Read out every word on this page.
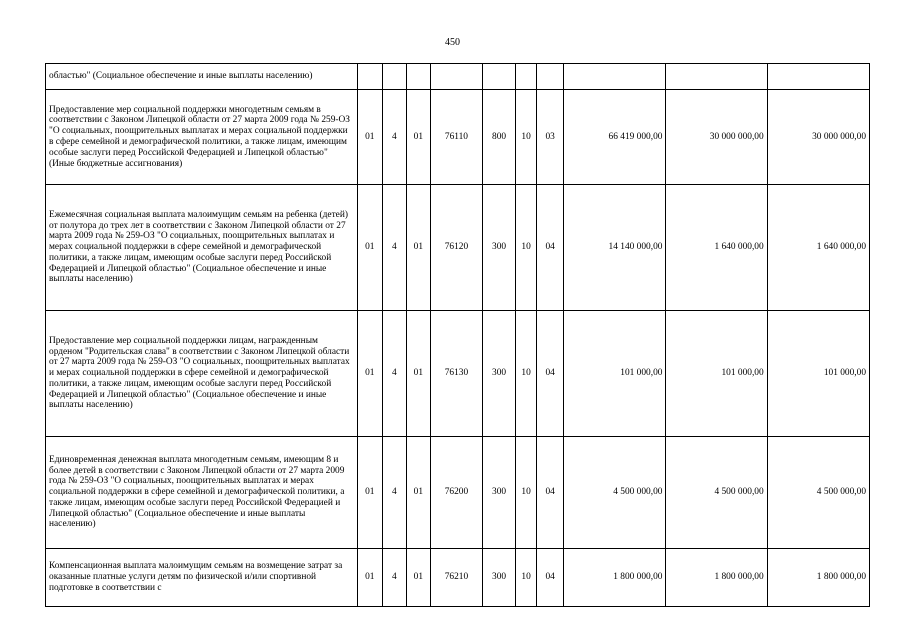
450
областью" (Социальное обеспечение и иные выплаты населению)										
Предоставление мер социальной поддержки многодетным семьям в соответствии с Законом Липецкой области от 27 марта 2009 года № 259-ОЗ "О социальных, поощрительных выплатах и мерах социальной поддержки в сфере семейной и демографической политики, а также лицам, имеющим особые заслуги перед Российской Федерацией и Липецкой областью" (Иные бюджетные ассигнования)	01	4	01	76110	800	10	03	66 419 000,00	30 000 000,00	30 000 000,00
Ежемесячная социальная выплата малоимущим семьям на ребенка (детей) от полутора до трех лет в соответствии с Законом Липецкой области от 27 марта 2009 года № 259-ОЗ "О социальных, поощрительных выплатах и мерах социальной поддержки в сфере семейной и демографической политики, а также лицам, имеющим особые заслуги перед Российской Федерацией и Липецкой областью" (Социальное обеспечение и иные выплаты населению)	01	4	01	76120	300	10	04	14 140 000,00	1 640 000,00	1 640 000,00
Предоставление мер социальной поддержки лицам, награжденным орденом "Родительская слава" в соответствии с Законом Липецкой области от 27 марта 2009 года № 259-ОЗ "О социальных, поощрительных выплатах и мерах социальной поддержки в сфере семейной и демографической политики, а также лицам, имеющим особые заслуги перед Российской Федерацией и Липецкой областью" (Социальное обеспечение и иные выплаты населению)	01	4	01	76130	300	10	04	101 000,00	101 000,00	101 000,00
Единовременная денежная выплата многодетным семьям, имеющим 8 и более детей в соответствии с Законом Липецкой области от 27 марта 2009 года № 259-ОЗ "О социальных, поощрительных выплатах и мерах социальной поддержки в сфере семейной и демографической политики, а также лицам, имеющим особые заслуги перед Российской Федерацией и Липецкой областью" (Социальное обеспечение и иные выплаты населению)	01	4	01	76200	300	10	04	4 500 000,00	4 500 000,00	4 500 000,00
Компенсационная выплата малоимущим семьям на возмещение затрат за оказанные платные услуги детям по физической и/или спортивной подготовке в соответствии с	01	4	01	76210	300	10	04	1 800 000,00	1 800 000,00	1 800 000,00
